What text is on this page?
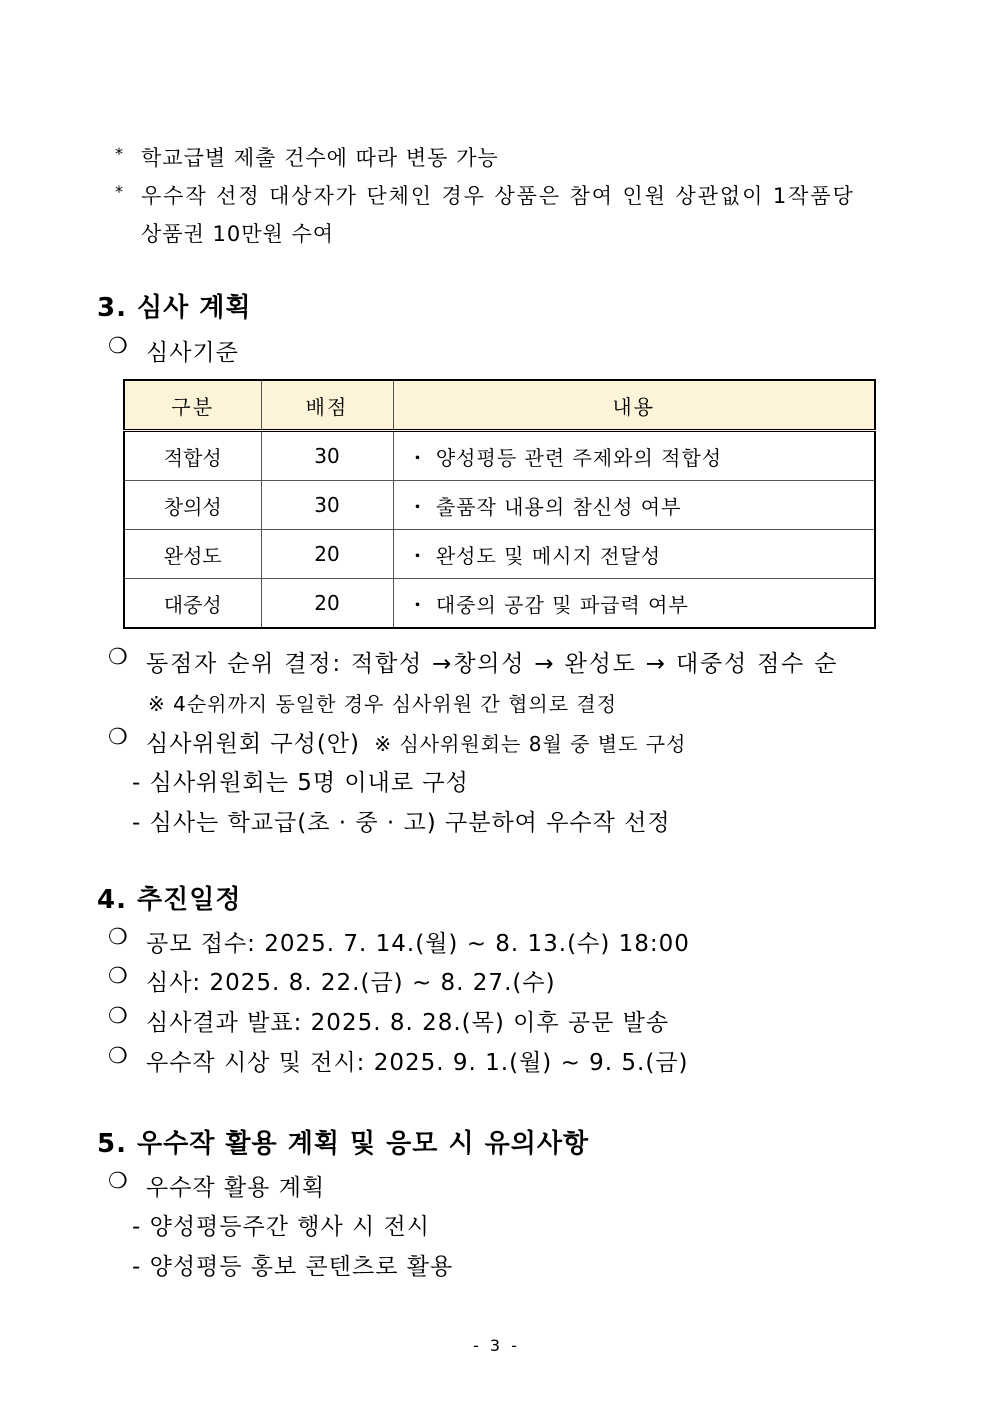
* 학교급별 제출 건수에 따라 변동 가능
* 우수작 선정 대상자가 단체인 경우 상품은 참여 인원 상관없이 1작품당
상품권 10만원 수여
3. 심사 계획
❍ 심사기준
구분	배점	내용
적합성	30	・ 양성평등 관련 주제와의 적합성
창의성	30	・ 출품작 내용의 참신성 여부
완성도	20	・ 완성도 및 메시지 전달성
대중성	20	・ 대중의 공감 및 파급력 여부
❍ 동점자 순위 결정: 적합성 →창의성 → 완성도 → 대중성 점수 순
※ 4순위까지 동일한 경우 심사위원 간 협의로 결정
❍ 심사위원회 구성(안) ※ 심사위원회는 8월 중 별도 구성
- 심사위원회는 5명 이내로 구성
- 심사는 학교급(초 · 중 · 고) 구분하여 우수작 선정
4. 추진일정
❍ 공모 접수: 2025. 7. 14.(월) ~ 8. 13.(수) 18:00
❍ 심사: 2025. 8. 22.(금) ~ 8. 27.(수)
❍ 심사결과 발표: 2025. 8. 28.(목) 이후 공문 발송
❍ 우수작 시상 및 전시: 2025. 9. 1.(월) ~ 9. 5.(금)
5. 우수작 활용 계획 및 응모 시 유의사항
❍ 우수작 활용 계획
- 양성평등주간 행사 시 전시
- 양성평등 홍보 콘텐츠로 활용
- 3 -
